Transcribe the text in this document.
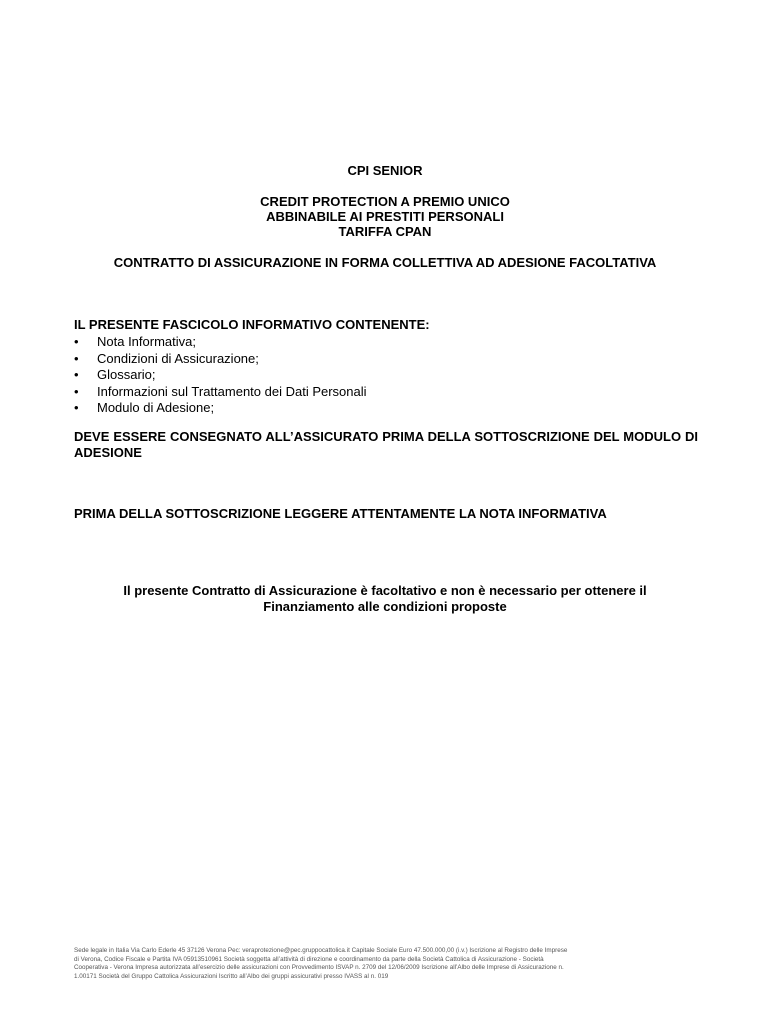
CPI SENIOR
CREDIT PROTECTION A PREMIO UNICO
ABBINABILE AI PRESTITI PERSONALI
TARIFFA CPAN
CONTRATTO DI ASSICURAZIONE IN FORMA COLLETTIVA AD ADESIONE FACOLTATIVA
IL PRESENTE FASCICOLO INFORMATIVO CONTENENTE:
•	Nota Informativa;
•	Condizioni di Assicurazione;
•	Glossario;
•	Informazioni sul Trattamento dei Dati Personali
•	Modulo di Adesione;
DEVE ESSERE CONSEGNATO ALL’ASSICURATO PRIMA DELLA SOTTOSCRIZIONE DEL MODULO DI ADESIONE
PRIMA DELLA SOTTOSCRIZIONE LEGGERE ATTENTAMENTE LA NOTA INFORMATIVA
Il presente Contratto di Assicurazione è facoltativo e non è necessario per ottenere il
Finanziamento alle condizioni proposte
Sede legale in Italia Via Carlo Ederle 45 37126 Verona Pec: veraprotezione@pec.gruppocattolica.it Capitale Sociale Euro 47.500.000,00 (i.v.) Iscrizione al Registro delle Imprese
di Verona, Codice Fiscale e Partita IVA 05913510961 Società soggetta all’attività di direzione e coordinamento da parte della Società Cattolica di Assicurazione - Società
Cooperativa - Verona Impresa autorizzata all’esercizio delle assicurazioni con Provvedimento ISVAP n. 2709 del 12/06/2009 Iscrizione all’Albo delle Imprese di Assicurazione n.
1.00171 Società del Gruppo Cattolica Assicurazioni Iscritto all’Albo dei gruppi assicurativi presso IVASS al n. 019
